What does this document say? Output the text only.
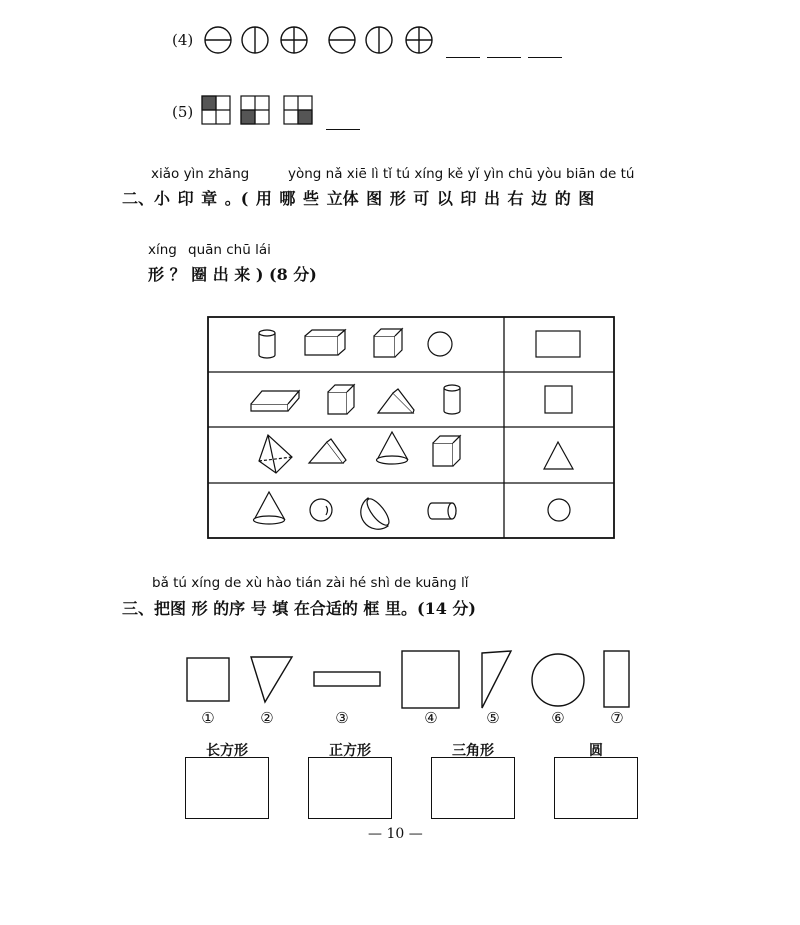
(4)
(5)
xiǎo yìn zhāng	yòng nǎ xiē lì tǐ tú xíng kě yǐ yìn chū yòu biān de tú
二、小 印 章 。( 用 哪 些 立体 图 形 可 以 印 出 右 边 的 图
xíng quān chū lái
形 ？ 圈 出 来 ) (8 分)
bǎ tú xíng de xù hào tián zài hé shì de kuāng lǐ
三、把图 形 的序 号 填 在合适的 框 里。(14 分)
①	②	③	④	⑤	⑥	⑦
长方形	正方形	三角形	圆
— 10 —
